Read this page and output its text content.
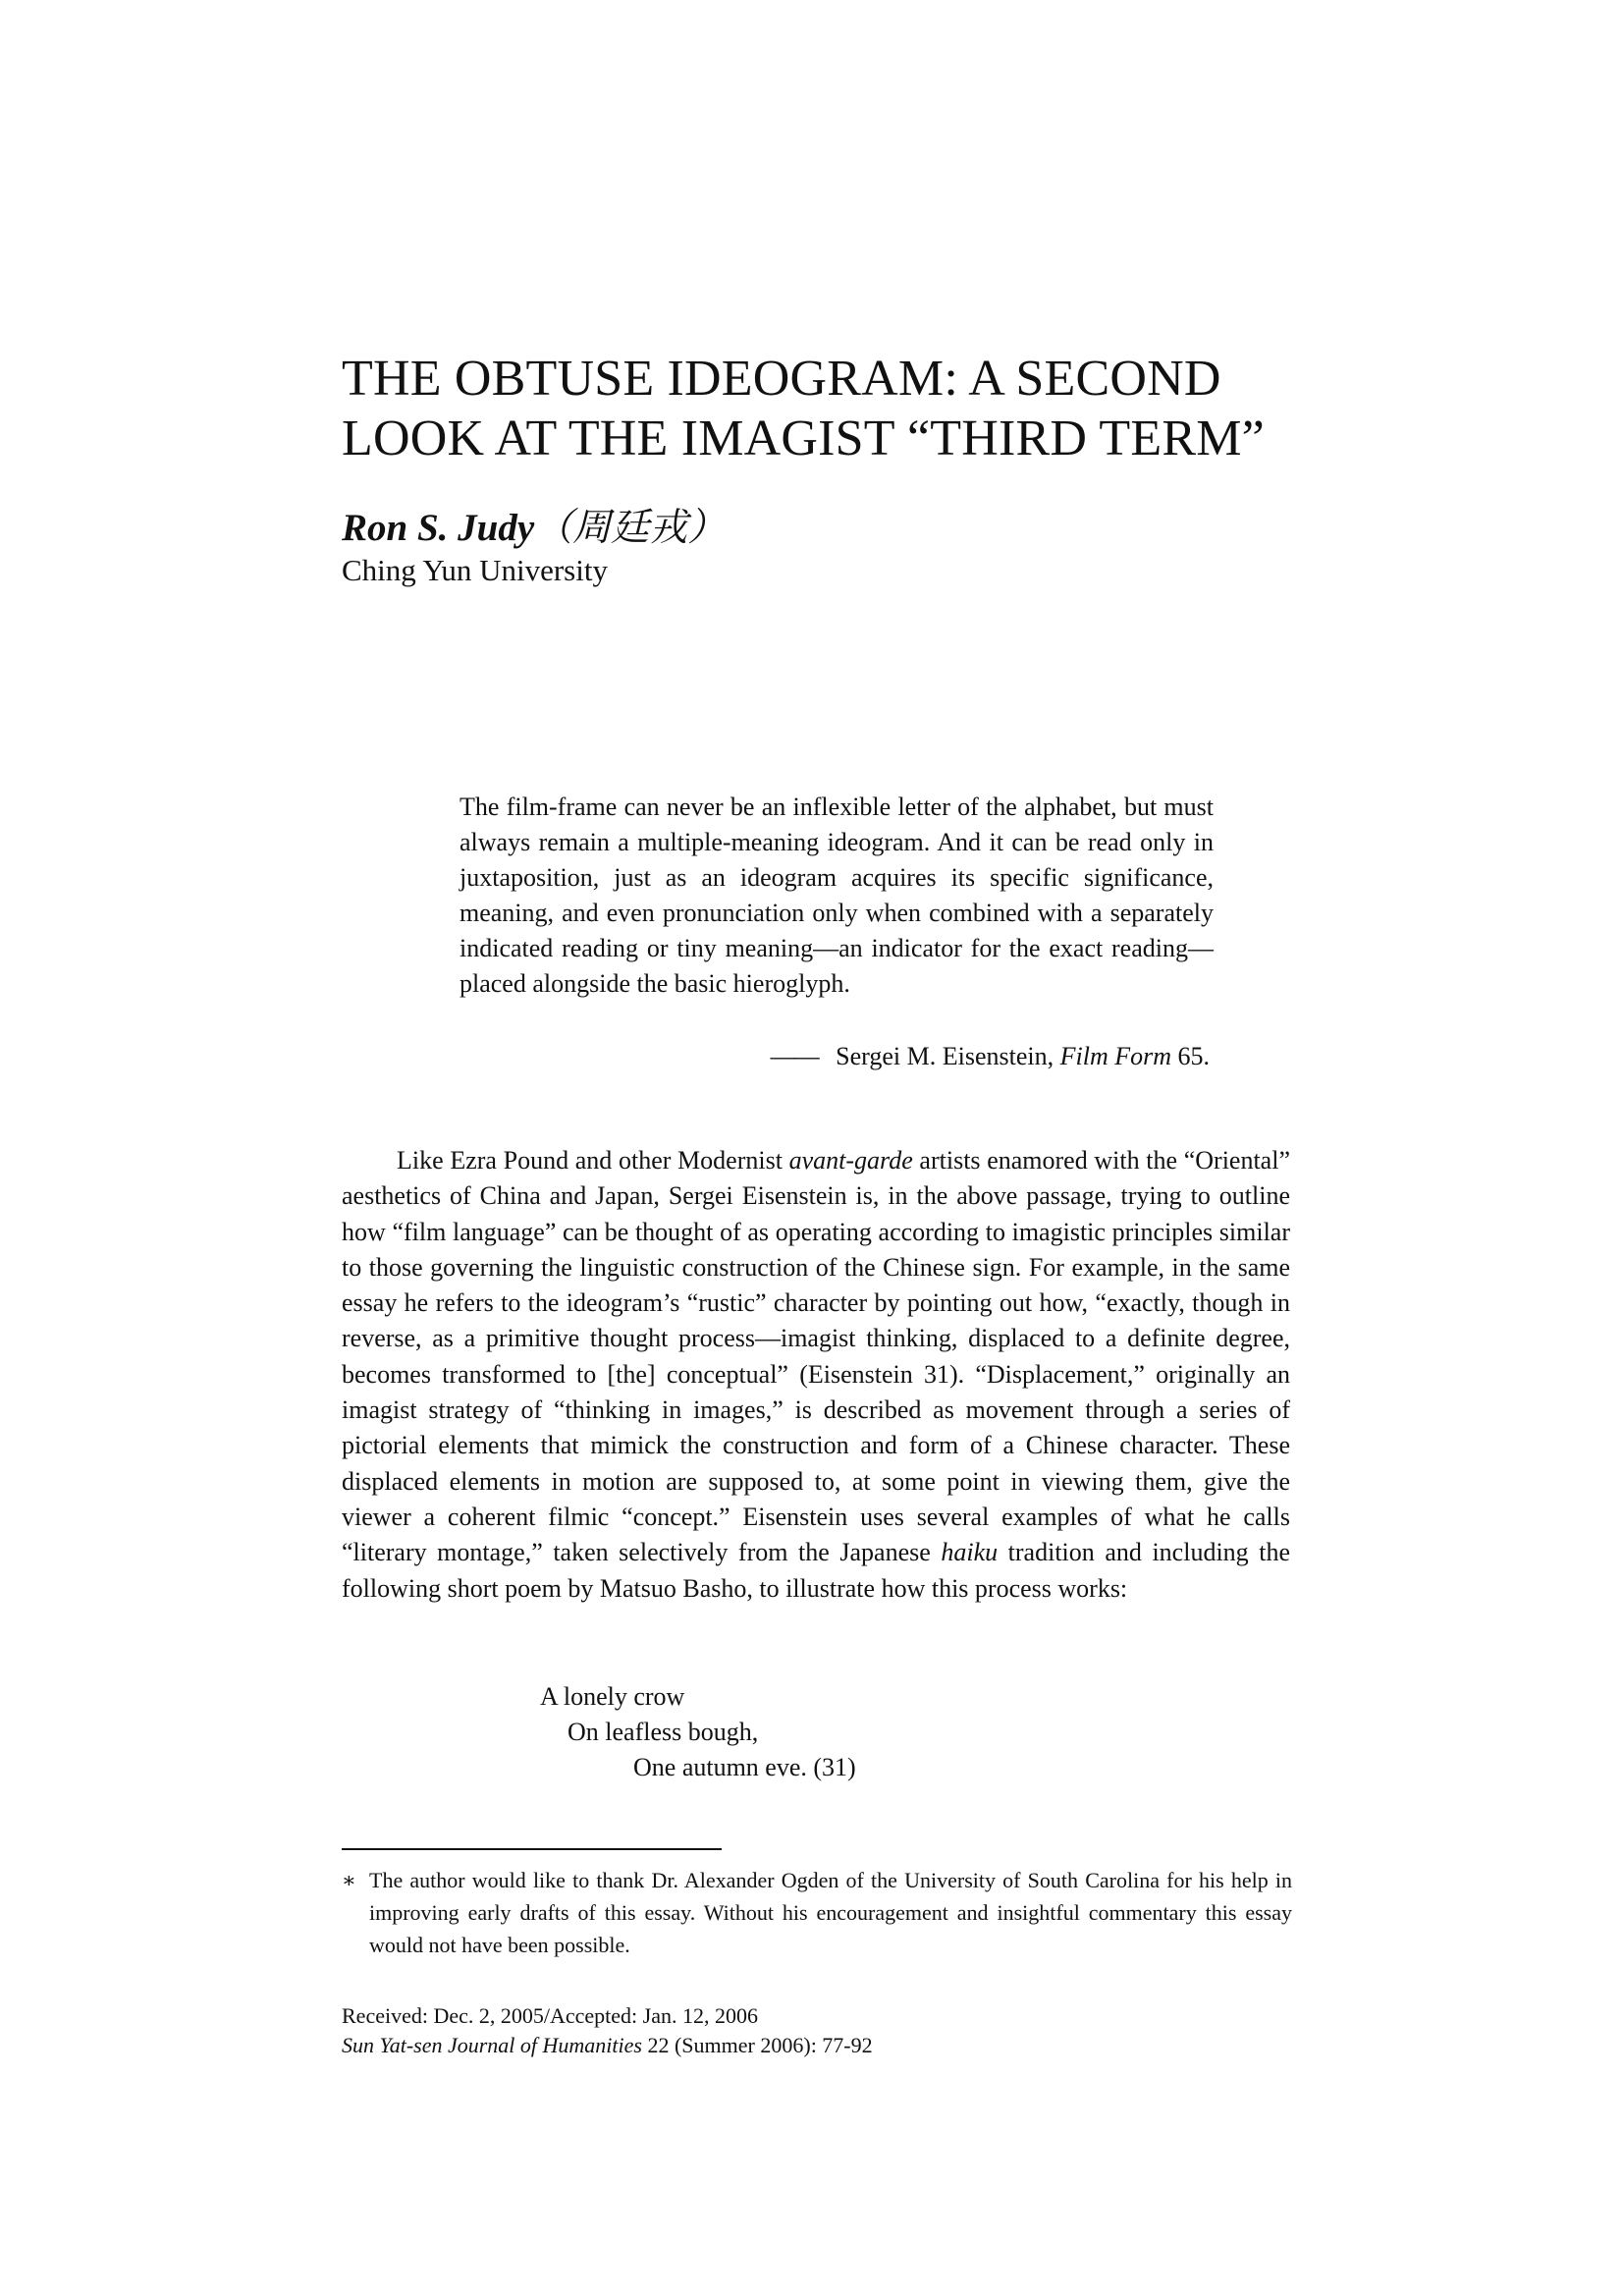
THE OBTUSE IDEOGRAM: A SECOND
LOOK AT THE IMAGIST “THIRD TERM”
Ron S. Judy（周廷戎）
Ching Yun University

The film-frame can never be an inflexible letter of the alphabet, but must always remain a multiple-meaning ideogram. And it can be read only in juxtaposition, just as an ideogram acquires its specific significance, meaning, and even pronunciation only when combined with a separately indicated reading or tiny meaning—an indicator for the exact reading—placed alongside the basic hieroglyph.

—— Sergei M. Eisenstein, Film Form 65.

Like Ezra Pound and other Modernist avant-garde artists enamored with the “Oriental” aesthetics of China and Japan, Sergei Eisenstein is, in the above passage, trying to outline how “film language” can be thought of as operating according to imagistic principles similar to those governing the linguistic construction of the Chinese sign. For example, in the same essay he refers to the ideogram’s “rustic” character by pointing out how, “exactly, though in reverse, as a primitive thought process—imagist thinking, displaced to a definite degree, becomes transformed to [the] conceptual” (Eisenstein 31). “Displacement,” originally an imagist strategy of “thinking in images,” is described as movement through a series of pictorial elements that mimick the construction and form of a Chinese character. These displaced elements in motion are supposed to, at some point in viewing them, give the viewer a coherent filmic “concept.” Eisenstein uses several examples of what he calls “literary montage,” taken selectively from the Japanese haiku tradition and including the following short poem by Matsuo Basho, to illustrate how this process works:

A lonely crow
On leafless bough,
One autumn eve. (31)

∗ The author would like to thank Dr. Alexander Ogden of the University of South Carolina for his help in improving early drafts of this essay. Without his encouragement and insightful commentary this essay would not have been possible.

Received: Dec. 2, 2005/Accepted: Jan. 12, 2006
Sun Yat-sen Journal of Humanities 22 (Summer 2006): 77-92
